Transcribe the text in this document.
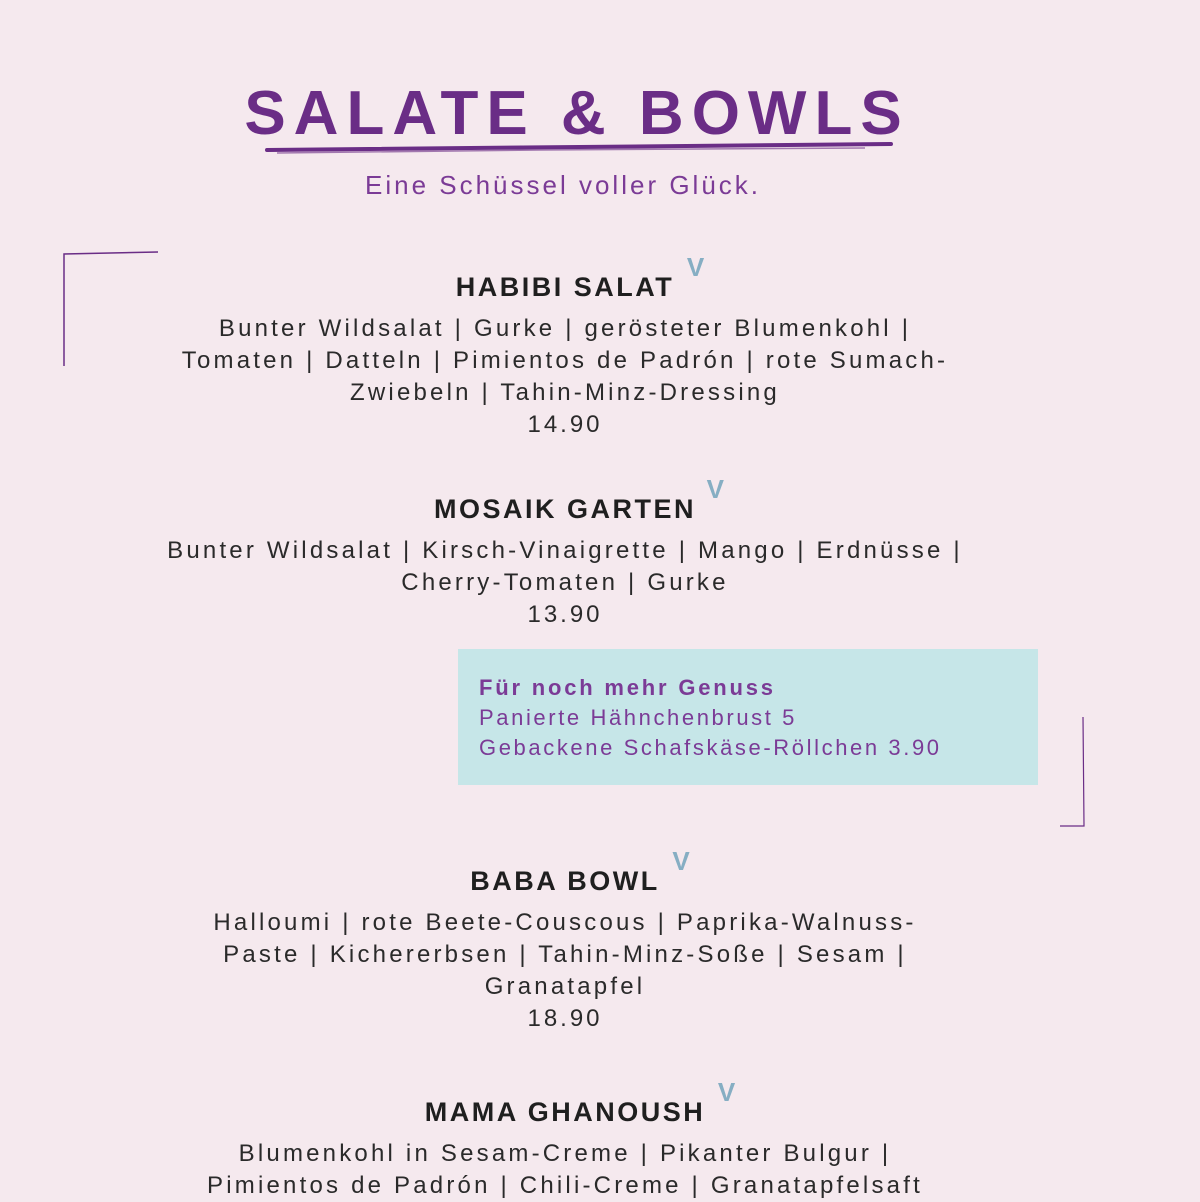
SALATE & BOWLS
Eine Schüssel voller Glück.
HABIBI SALAT
V
Bunter Wildsalat | Gurke | gerösteter Blumenkohl |
Tomaten | Datteln | Pimientos de Padrón | rote Sumach-
Zwiebeln | Tahin-Minz-Dressing
14.90
MOSAIK GARTEN
V
Bunter Wildsalat | Kirsch-Vinaigrette | Mango | Erdnüsse |
Cherry-Tomaten | Gurke
13.90
Für noch mehr Genuss
Panierte Hähnchenbrust 5
Gebackene Schafskäse-Röllchen 3.90
BABA BOWL
V
Halloumi | rote Beete-Couscous | Paprika-Walnuss-
Paste | Kichererbsen | Tahin-Minz-Soße | Sesam |
Granatapfel
18.90
MAMA GHANOUSH
V
Blumenkohl in Sesam-Creme | Pikanter Bulgur |
Pimientos de Padrón | Chili-Creme | Granatapfelsaft
